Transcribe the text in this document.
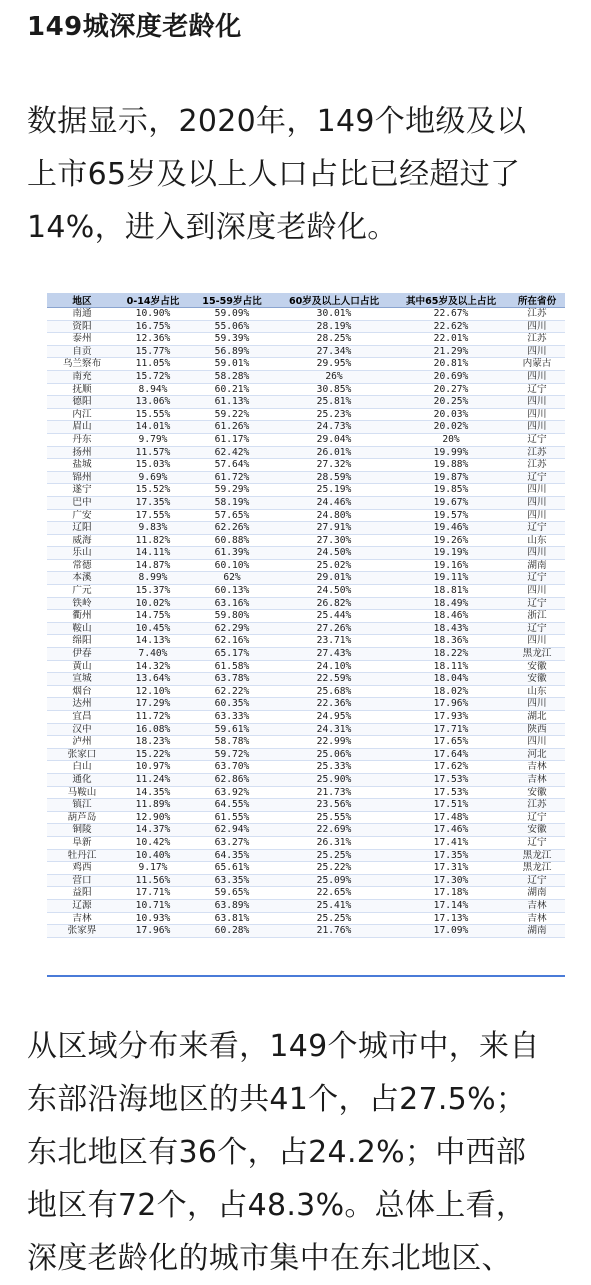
149城深度老龄化
数据显示，2020年，149个地级及以
上市65岁及以上人口占比已经超过了
14%，进入到深度老龄化。
地区	0-14岁占比	15-59岁占比	60岁及以上人口占比	其中65岁及以上占比	所在省份
南通	10.90%	59.09%	30.01%	22.67%	江苏
资阳	16.75%	55.06%	28.19%	22.62%	四川
泰州	12.36%	59.39%	28.25%	22.01%	江苏
自贡	15.77%	56.89%	27.34%	21.29%	四川
乌兰察布	11.05%	59.01%	29.95%	20.81%	内蒙古
南充	15.72%	58.28%	26%	20.69%	四川
抚顺	8.94%	60.21%	30.85%	20.27%	辽宁
德阳	13.06%	61.13%	25.81%	20.25%	四川
内江	15.55%	59.22%	25.23%	20.03%	四川
眉山	14.01%	61.26%	24.73%	20.02%	四川
丹东	9.79%	61.17%	29.04%	20%	辽宁
扬州	11.57%	62.42%	26.01%	19.99%	江苏
盐城	15.03%	57.64%	27.32%	19.88%	江苏
锦州	9.69%	61.72%	28.59%	19.87%	辽宁
遂宁	15.52%	59.29%	25.19%	19.85%	四川
巴中	17.35%	58.19%	24.46%	19.67%	四川
广安	17.55%	57.65%	24.80%	19.57%	四川
辽阳	9.83%	62.26%	27.91%	19.46%	辽宁
威海	11.82%	60.88%	27.30%	19.26%	山东
乐山	14.11%	61.39%	24.50%	19.19%	四川
常德	14.87%	60.10%	25.02%	19.16%	湖南
本溪	8.99%	62%	29.01%	19.11%	辽宁
广元	15.37%	60.13%	24.50%	18.81%	四川
铁岭	10.02%	63.16%	26.82%	18.49%	辽宁
衢州	14.75%	59.80%	25.44%	18.46%	浙江
鞍山	10.45%	62.29%	27.26%	18.43%	辽宁
绵阳	14.13%	62.16%	23.71%	18.36%	四川
伊春	7.40%	65.17%	27.43%	18.22%	黑龙江
黄山	14.32%	61.58%	24.10%	18.11%	安徽
宣城	13.64%	63.78%	22.59%	18.04%	安徽
烟台	12.10%	62.22%	25.68%	18.02%	山东
达州	17.29%	60.35%	22.36%	17.96%	四川
宜昌	11.72%	63.33%	24.95%	17.93%	湖北
汉中	16.08%	59.61%	24.31%	17.71%	陕西
泸州	18.23%	58.78%	22.99%	17.65%	四川
张家口	15.22%	59.72%	25.06%	17.64%	河北
白山	10.97%	63.70%	25.33%	17.62%	吉林
通化	11.24%	62.86%	25.90%	17.53%	吉林
马鞍山	14.35%	63.92%	21.73%	17.53%	安徽
镇江	11.89%	64.55%	23.56%	17.51%	江苏
葫芦岛	12.90%	61.55%	25.55%	17.48%	辽宁
铜陵	14.37%	62.94%	22.69%	17.46%	安徽
阜新	10.42%	63.27%	26.31%	17.41%	辽宁
牡丹江	10.40%	64.35%	25.25%	17.35%	黑龙江
鸡西	9.17%	65.61%	25.22%	17.31%	黑龙江
营口	11.56%	63.35%	25.09%	17.30%	辽宁
益阳	17.71%	59.65%	22.65%	17.18%	湖南
辽源	10.71%	63.89%	25.41%	17.14%	吉林
吉林	10.93%	63.81%	25.25%	17.13%	吉林
张家界	17.96%	60.28%	21.76%	17.09%	湖南
从区域分布来看，149个城市中，来自
东部沿海地区的共41个，占27.5%；
东北地区有36个，占24.2%；中西部
地区有72个，占48.3%。总体上看，
深度老龄化的城市集中在东北地区、
